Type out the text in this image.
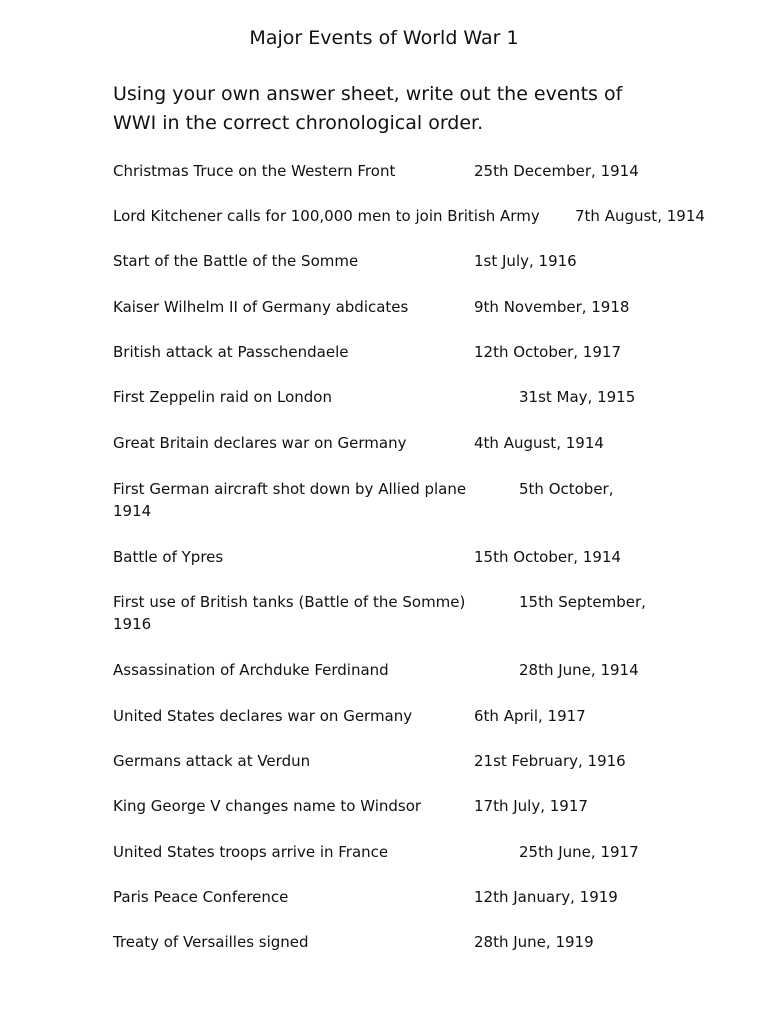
Major Events of World War 1
Using your own answer sheet, write out the events of
WWI in the correct chronological order.
Christmas Truce on the Western Front	25th December, 1914
Lord Kitchener calls for 100,000 men to join British Army 7th August, 1914
Start of the Battle of the Somme	1st July, 1916
Kaiser Wilhelm II of Germany abdicates	9th November, 1918
British attack at Passchendaele	12th October, 1917
First Zeppelin raid on London	31st May, 1915
Great Britain declares war on Germany	4th August, 1914
First German aircraft shot down by Allied plane	5th October,
1914
Battle of Ypres	15th October, 1914
First use of British tanks (Battle of the Somme)	15th September,
1916
Assassination of Archduke Ferdinand	28th June, 1914
United States declares war on Germany	6th April, 1917
Germans attack at Verdun	21st February, 1916
King George V changes name to Windsor	17th July, 1917
United States troops arrive in France	25th June, 1917
Paris Peace Conference	12th January, 1919
Treaty of Versailles signed	28th June, 1919
